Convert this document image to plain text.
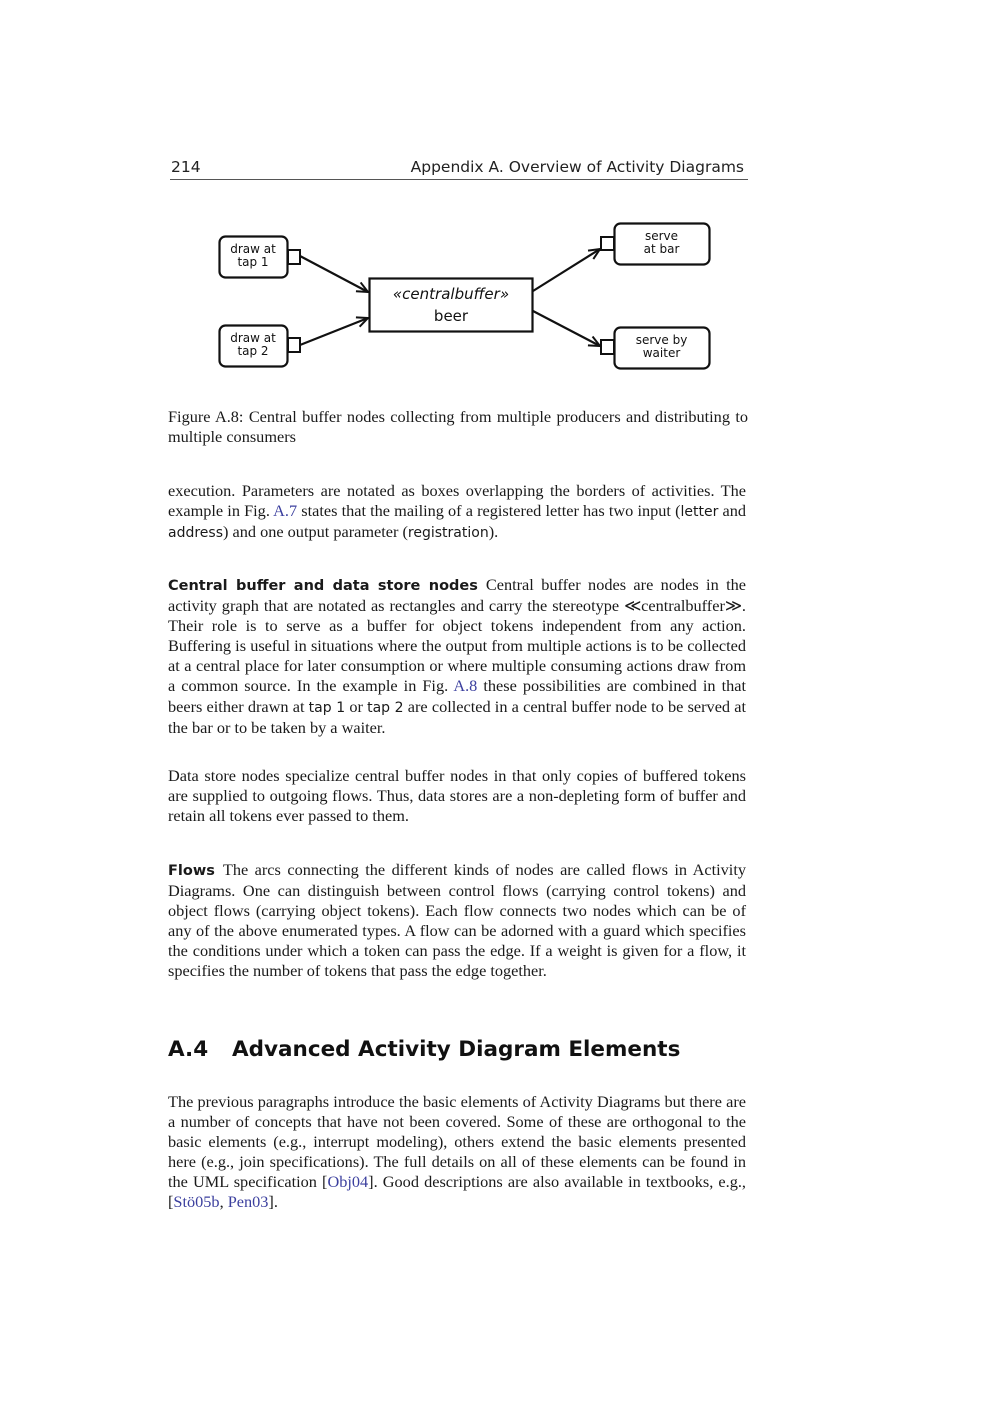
214	Appendix A. Overview of Activity Diagrams
draw at
tap 1
draw at
tap 2
serve
at bar
serve by
waiter
«centralbuffer»
beer
Figure A.8: Central buffer nodes collecting from multiple producers and distributing to multiple consumers
execution. Parameters are notated as boxes overlapping the borders of activities. The example in Fig. A.7 states that the mailing of a registered letter has two input (letter and address) and one output parameter (registration).
Central buffer and data store nodes Central buffer nodes are nodes in the activity graph that are notated as rectangles and carry the stereotype ≪centralbuffer≫. Their role is to serve as a buffer for object tokens independent from any action. Buffering is useful in situations where the output from multiple actions is to be collected at a central place for later consumption or where multiple consuming actions draw from a common source. In the example in Fig. A.8 these possibilities are combined in that beers either drawn at tap 1 or tap 2 are collected in a central buffer node to be served at the bar or to be taken by a waiter.
Data store nodes specialize central buffer nodes in that only copies of buffered tokens are supplied to outgoing flows. Thus, data stores are a non-depleting form of buffer and retain all tokens ever passed to them.
Flows The arcs connecting the different kinds of nodes are called flows in Activity Diagrams. One can distinguish between control flows (carrying control tokens) and object flows (carrying object tokens). Each flow connects two nodes which can be of any of the above enumerated types. A flow can be adorned with a guard which specifies the conditions under which a token can pass the edge. If a weight is given for a flow, it specifies the number of tokens that pass the edge together.
A.4 Advanced Activity Diagram Elements
The previous paragraphs introduce the basic elements of Activity Diagrams but there are a number of concepts that have not been covered. Some of these are orthogonal to the basic elements (e.g., interrupt modeling), others extend the basic elements presented here (e.g., join specifications). The full details on all of these elements can be found in the UML specification [Obj04]. Good descriptions are also available in textbooks, e.g., [Stö05b, Pen03].
